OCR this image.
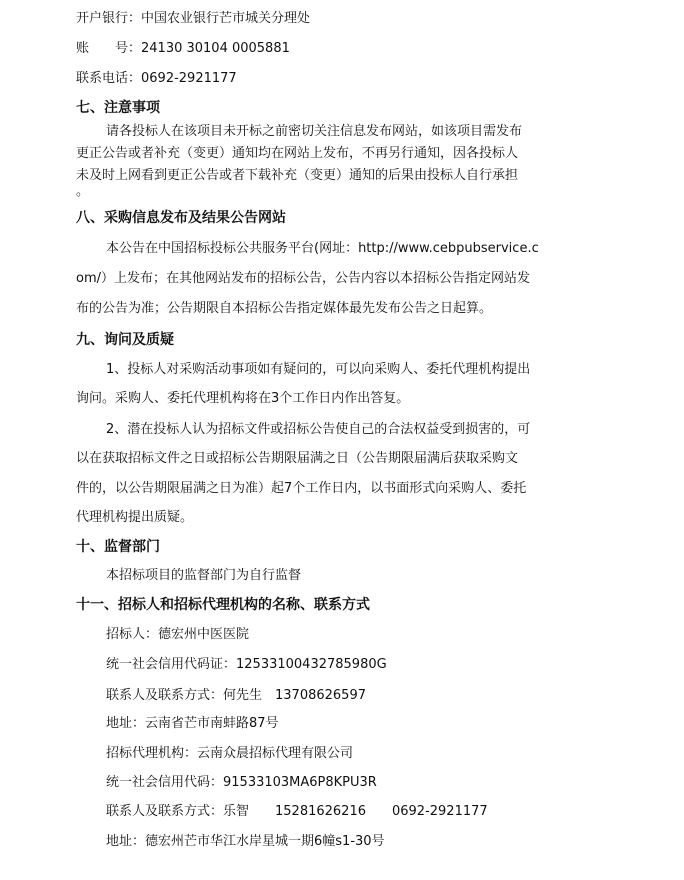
开户银行：中国农业银行芒市城关分理处
账　　号：24130 30104 0005881
联系电话：0692-2921177
七、注意事项
请各投标人在该项目未开标之前密切关注信息发布网站，如该项目需发布
更正公告或者补充（变更）通知均在网站上发布，不再另行通知，因各投标人
未及时上网看到更正公告或者下载补充（变更）通知的后果由投标人自行承担
。
八、采购信息发布及结果公告网站
本公告在中国招标投标公共服务平台(网址：http://www.cebpubservice.c
om/）上发布；在其他网站发布的招标公告，公告内容以本招标公告指定网站发
布的公告为准；公告期限自本招标公告指定媒体最先发布公告之日起算。
九、询问及质疑
1、投标人对采购活动事项如有疑问的，可以向采购人、委托代理机构提出
询问。采购人、委托代理机构将在3个工作日内作出答复。
2、潜在投标人认为招标文件或招标公告使自己的合法权益受到损害的，可
以在获取招标文件之日或招标公告期限届满之日（公告期限届满后获取采购文
件的，以公告期限届满之日为准）起7个工作日内，以书面形式向采购人、委托
代理机构提出质疑。
十、监督部门
本招标项目的监督部门为自行监督
十一、招标人和招标代理机构的名称、联系方式
招标人：德宏州中医医院
统一社会信用代码证：12533100432785980G
联系人及联系方式：何先生　13708626597
地址：云南省芒市南蚌路87号
招标代理机构：云南众晨招标代理有限公司
统一社会信用代码：91533103MA6P8KPU3R
联系人及联系方式：乐智　　15281626216　　0692-2921177
地址：德宏州芒市华江水岸星城一期6幢s1-30号
